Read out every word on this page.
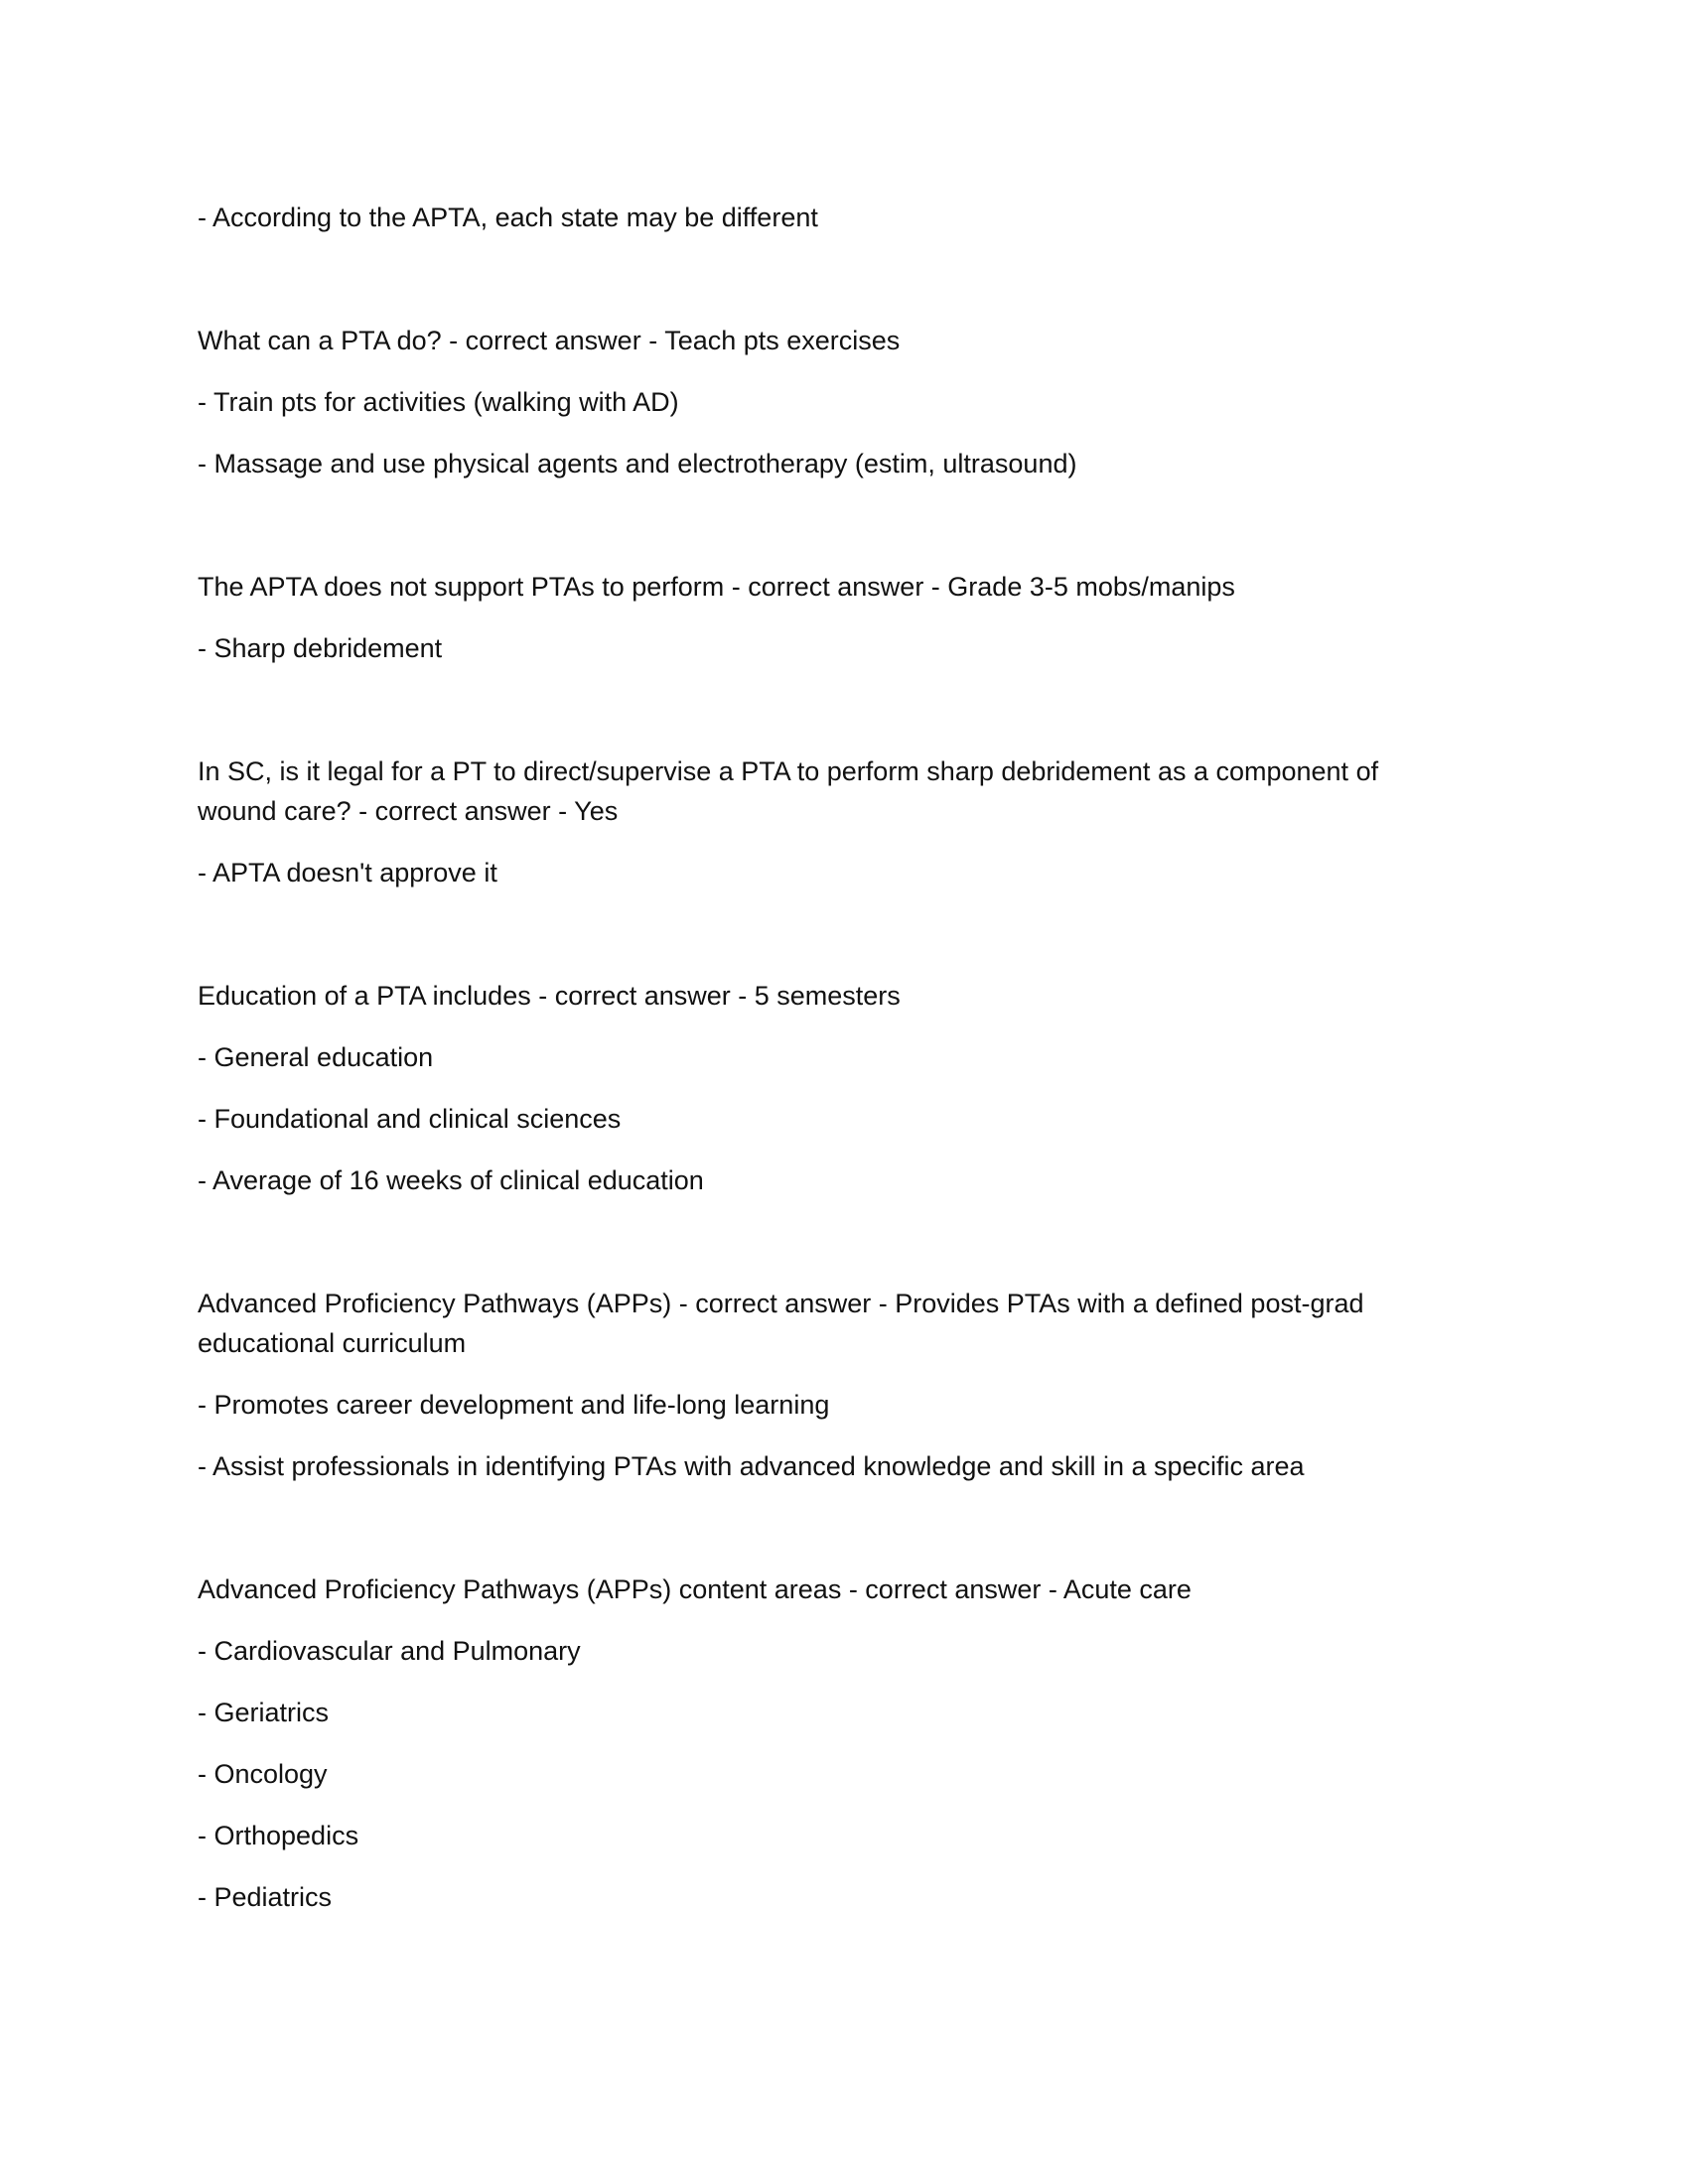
- According to the APTA, each state may be different

What can a PTA do? - correct answer - Teach pts exercises

- Train pts for activities (walking with AD)

- Massage and use physical agents and electrotherapy (estim, ultrasound)

The APTA does not support PTAs to perform - correct answer - Grade 3-5 mobs/manips

- Sharp debridement

In SC, is it legal for a PT to direct/supervise a PTA to perform sharp debridement as a component of

wound care? - correct answer - Yes

- APTA doesn't approve it

Education of a PTA includes - correct answer - 5 semesters

- General education

- Foundational and clinical sciences

- Average of 16 weeks of clinical education

Advanced Proficiency Pathways (APPs) - correct answer - Provides PTAs with a defined post-grad

educational curriculum

- Promotes career development and life-long learning

- Assist professionals in identifying PTAs with advanced knowledge and skill in a specific area

Advanced Proficiency Pathways (APPs) content areas - correct answer - Acute care

- Cardiovascular and Pulmonary

- Geriatrics

- Oncology

- Orthopedics

- Pediatrics
